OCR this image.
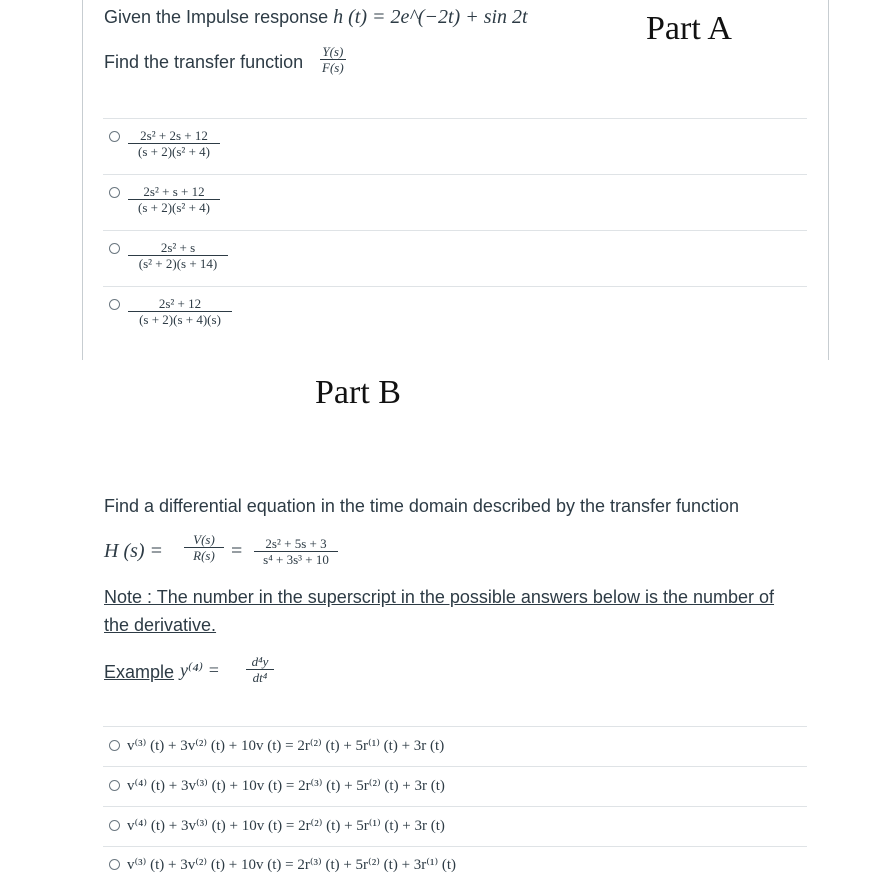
Part A
Given the Impulse response h (t) = 2e^(−2t) + sin 2t
Find the transfer function $\frac{Y(s)}{F(s)}$
$\frac{\text{2s² + 2s + 12}}{\text{(s + 2)(s² + 4)}}$
$\frac{\text{2s² + s + 12}}{\text{(s + 2)(s² + 4)}}$
$\frac{\text{2s² + s}}{\text{(s² + 2)(s + 14)}}$
$\frac{\text{2s² + 12}}{(s + 2)(s + 4)(s)}$
Part B
Find a differential equation in the time domain described by the transfer function
H $(s) = \frac{V(s)}{R(s)} = \frac{\text{2s² + 5s + 3}}{\text{s⁴ + 3s³ + 10}}$
Note : The number in the superscript in the possible answers below is the number of
the derivative.
Example $y^{(4)} = \frac{\text{d⁴y}}{\text{dt⁴}}$
v⁽³⁾ (t) + 3v⁽²⁾ (t) + 10v (t) = 2r⁽²⁾ (t) + 5r⁽¹⁾ (t) + 3r (t)
v⁽⁴⁾ (t) + 3v⁽³⁾ (t) + 10v (t) = 2r⁽³⁾ (t) + 5r⁽²⁾ (t) + 3r (t)
v⁽⁴⁾ (t) + 3v⁽³⁾ (t) + 10v (t) = 2r⁽²⁾ (t) + 5r⁽¹⁾ (t) + 3r (t)
v⁽³⁾ (t) + 3v⁽²⁾ (t) + 10v (t) = 2r⁽³⁾ (t) + 5r⁽²⁾ (t) + 3r⁽¹⁾ (t)
